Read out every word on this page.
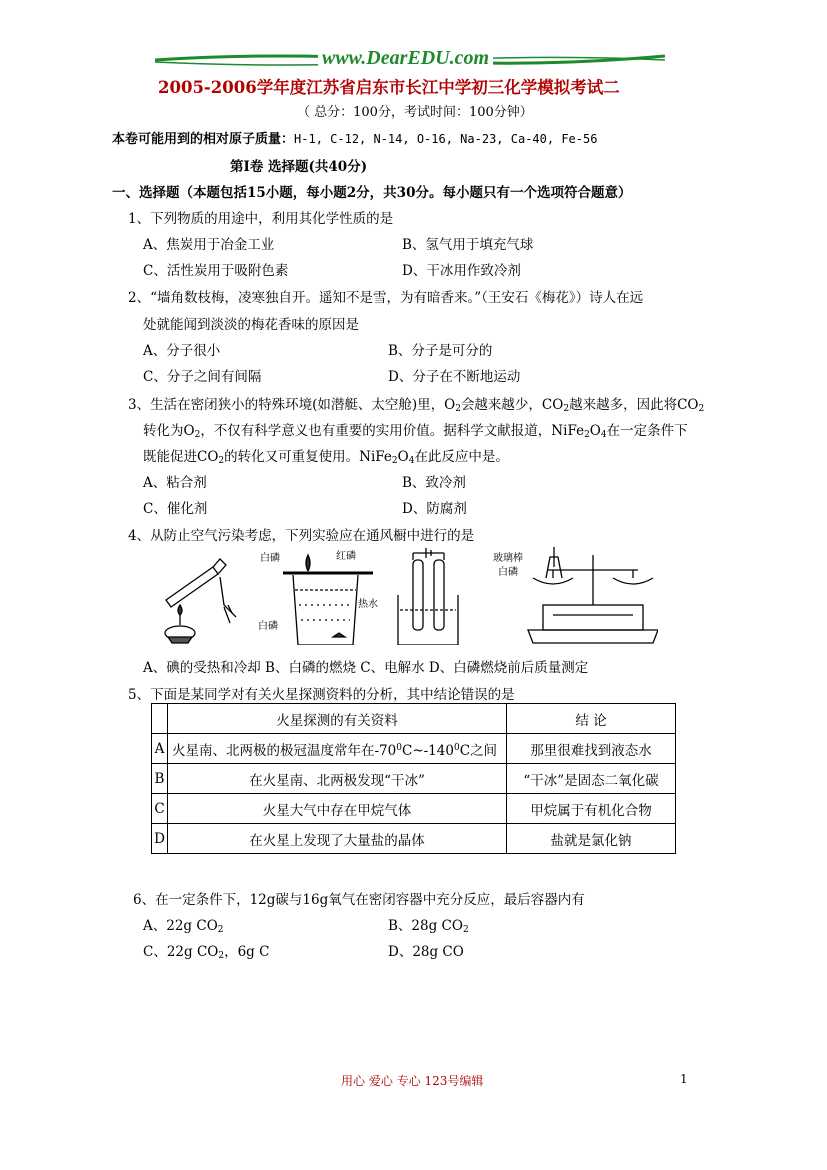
www.DearEDU.com
2005-2006学年度江苏省启东市长江中学初三化学模拟考试二
（ 总分：100分，考试时间：100分钟）
本卷可能用到的相对原子质量：H-1, C-12, N-14, O-16, Na-23, Ca-40, Fe-56
第Ⅰ卷 选择题(共40分)
一、选择题（本题包括15小题，每小题2分，共30分。每小题只有一个选项符合题意）
1、下列物质的用途中，利用其化学性质的是
A、焦炭用于冶金工业	B、氢气用于填充气球
C、活性炭用于吸附色素	D、干冰用作致冷剂
2、“墙角数枝梅，凌寒独自开。遥知不是雪，为有暗香来。”（王安石《梅花》）诗人在远
处就能闻到淡淡的梅花香味的原因是
A、分子很小	B、分子是可分的
C、分子之间有间隔	D、分子在不断地运动
3、生活在密闭狭小的特殊环境(如潜艇、太空舱)里，$O_2$会越来越少，$CO_2$越来越多，因此将$CO_2$
转化为$O_2$，不仅有科学意义也有重要的实用价值。据科学文献报道，$NiFe_2O_4$在一定条件下
既能促进$CO_2$的转化又可重复使用。$NiFe_2O_4$在此反应中是。
A、粘合剂	B、致冷剂
C、催化剂	D、防腐剂
4、从防止空气污染考虑，下列实验应在通风橱中进行的是
白磷	红磷
热水
白磷
玻璃棒
白磷
A、碘的受热和冷却 B、白磷的燃烧 C、电解水 D、白磷燃烧前后质量测定
5、下面是某同学对有关火星探测资料的分析，其中结论错误的是
	火星探测的有关资料	结 论
A	火星南、北两极的极冠温度常年在$-70^0C\sim-140^0C$之间	那里很难找到液态水
B	在火星南、北两极发现“干冰”	“干冰”是固态二氧化碳
C	火星大气中存在甲烷气体	甲烷属于有机化合物
D	在火星上发现了大量盐的晶体	盐就是氯化钠
6、在一定条件下，12g碳与16g氧气在密闭容器中充分反应，最后容器内有
A、22g $CO_2$	B、28g $CO_2$
C、22g $CO_2$，6g C	D、28g CO
用心 爱心 专心 123号编辑	1
